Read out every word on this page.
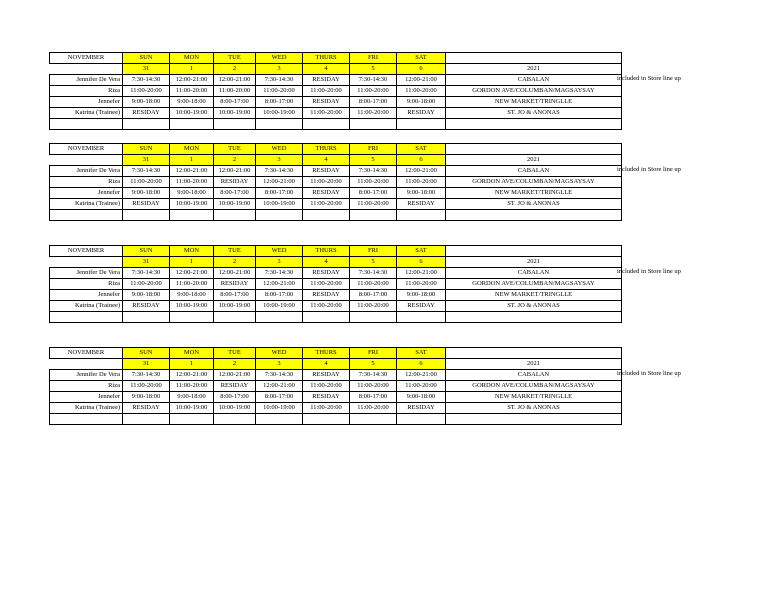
NOVEMBER	SUN	MON	TUE	WED	THURS	FRI	SAT	
	31	1	2	3	4	5	6	2021
Jennifer De Vera	7:30-14:30	12:00-21:00	12:00-21:00	7:30-14:30	RESIDAY	7:30-14:30	12:00-21:00	CABALAN
Riza	11:00-20:00	11:00-20:00	11:00-20:00	11:00-20:00	11:00-20:00	11:00-20:00	11:00-20:00	GORDON AVE/COLUMBAN/MAGSAYSAY
Jennefer	9:00-18:00	9:00-18:00	8:00-17:00	8:00-17:00	RESIDAY	8:00-17:00	9:00-18:00	NEW MARKET/TRINGLLE
Katrina (Trainee)	RESIDAY	10:00-19:00	10:00-19:00	10:00-19:00	11:00-20:00	11:00-20:00	RESIDAY	ST. JO & ANONAS

included in Store line up
NOVEMBER	SUN	MON	TUE	WED	THURS	FRI	SAT	
	31	1	2	3	4	5	6	2021
Jennifer De Vera	7:30-14:30	12:00-21:00	12:00-21:00	7:30-14:30	RESIDAY	7:30-14:30	12:00-21:00	CABALAN
Riza	11:00-20:00	11:00-20:00	RESIDAY	12:00-21:00	11:00-20:00	11:00-20:00	11:00-20:00	GORDON AVE/COLUMBAN/MAGSAYSAY
Jennefer	9:00-18:00	9:00-18:00	8:00-17:00	8:00-17:00	RESIDAY	8:00-17:00	9:00-18:00	NEW MARKET/TRINGLLE
Katrina (Trainee)	RESIDAY	10:00-19:00	10:00-19:00	10:00-19:00	11:00-20:00	11:00-20:00	RESIDAY	ST. JO & ANONAS

included in Store line up
NOVEMBER	SUN	MON	TUE	WED	THURS	FRI	SAT	
	31	1	2	3	4	5	6	2021
Jennifer De Vera	7:30-14:30	12:00-21:00	12:00-21:00	7:30-14:30	RESIDAY	7:30-14:30	12:00-21:00	CABALAN
Riza	11:00-20:00	11:00-20:00	RESIDAY	12:00-21:00	11:00-20:00	11:00-20:00	11:00-20:00	GORDON AVE/COLUMBAN/MAGSAYSAY
Jennefer	9:00-18:00	9:00-18:00	8:00-17:00	8:00-17:00	RESIDAY	8:00-17:00	9:00-18:00	NEW MARKET/TRINGLLE
Katrina (Trainee)	RESIDAY	10:00-19:00	10:00-19:00	10:00-19:00	11:00-20:00	11:00-20:00	RESIDAY	ST. JO & ANONAS

included in Store line up
NOVEMBER	SUN	MON	TUE	WED	THURS	FRI	SAT	
	31	1	2	3	4	5	6	2021
Jennifer De Vera	7:30-14:30	12:00-21:00	12:00-21:00	7:30-14:30	RESIDAY	7:30-14:30	12:00-21:00	CABALAN
Riza	11:00-20:00	11:00-20:00	RESIDAY	12:00-21:00	11:00-20:00	11:00-20:00	11:00-20:00	GORDON AVE/COLUMBAN/MAGSAYSAY
Jennefer	9:00-18:00	9:00-18:00	8:00-17:00	8:00-17:00	RESIDAY	8:00-17:00	9:00-18:00	NEW MARKET/TRINGLLE
Katrina (Trainee)	RESIDAY	10:00-19:00	10:00-19:00	10:00-19:00	11:00-20:00	11:00-20:00	RESIDAY	ST. JO & ANONAS

included in Store line up
